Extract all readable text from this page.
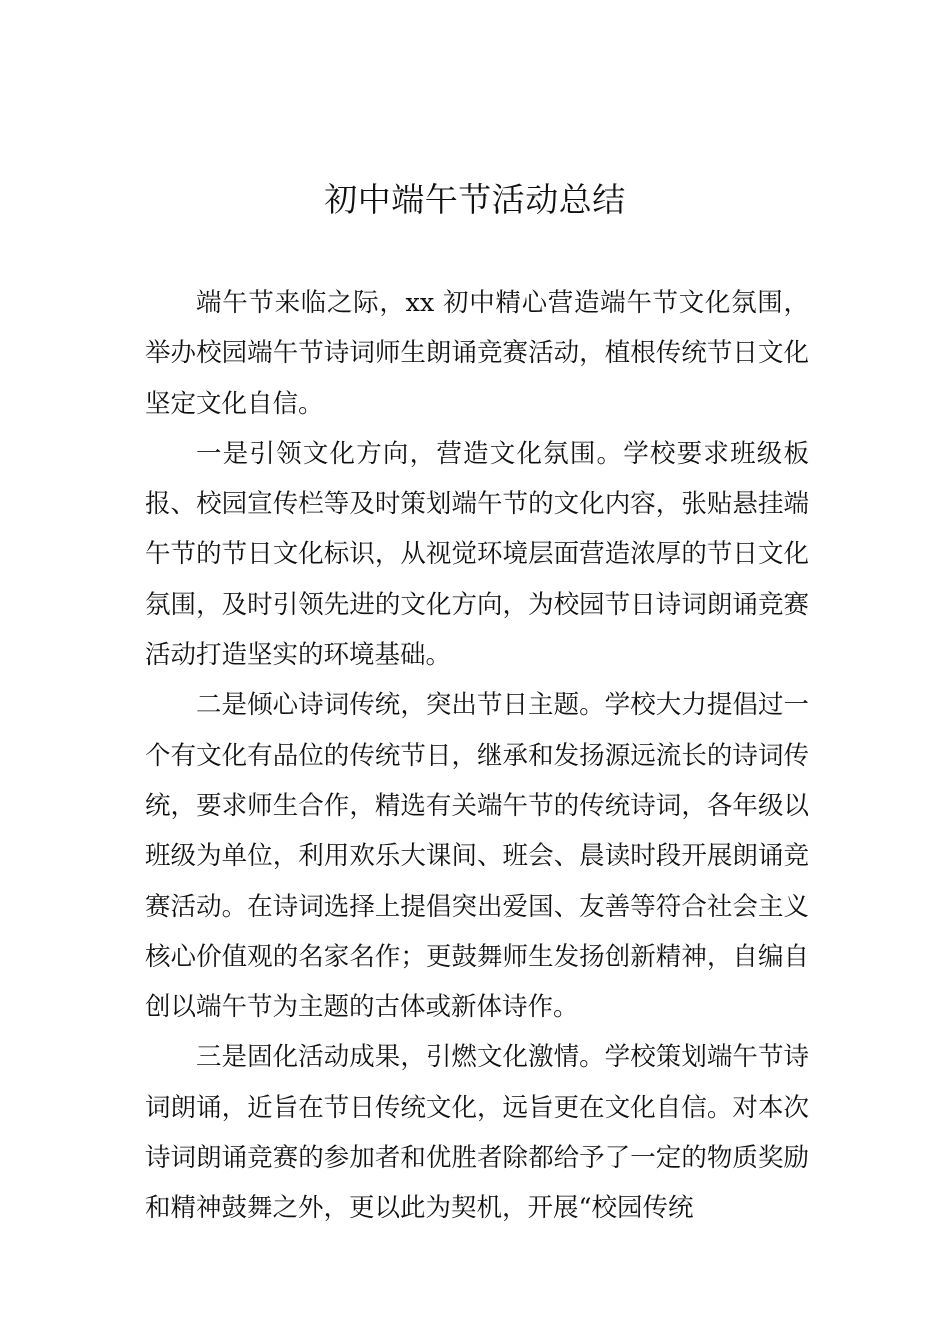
初中端午节活动总结

端午节来临之际，xx 初中精心营造端午节文化氛围，举办校园端午节诗词师生朗诵竞赛活动，植根传统节日文化坚定文化自信。

一是引领文化方向，营造文化氛围。学校要求班级板报、校园宣传栏等及时策划端午节的文化内容，张贴悬挂端午节的节日文化标识，从视觉环境层面营造浓厚的节日文化氛围，及时引领先进的文化方向，为校园节日诗词朗诵竞赛活动打造坚实的环境基础。

二是倾心诗词传统，突出节日主题。学校大力提倡过一个有文化有品位的传统节日，继承和发扬源远流长的诗词传统，要求师生合作，精选有关端午节的传统诗词，各年级以班级为单位，利用欢乐大课间、班会、晨读时段开展朗诵竞赛活动。在诗词选择上提倡突出爱国、友善等符合社会主义核心价值观的名家名作；更鼓舞师生发扬创新精神，自编自创以端午节为主题的古体或新体诗作。

三是固化活动成果，引燃文化激情。学校策划端午节诗词朗诵，近旨在节日传统文化，远旨更在文化自信。对本次诗词朗诵竞赛的参加者和优胜者除都给予了一定的物质奖励和精神鼓舞之外，更以此为契机，开展“校园传统
